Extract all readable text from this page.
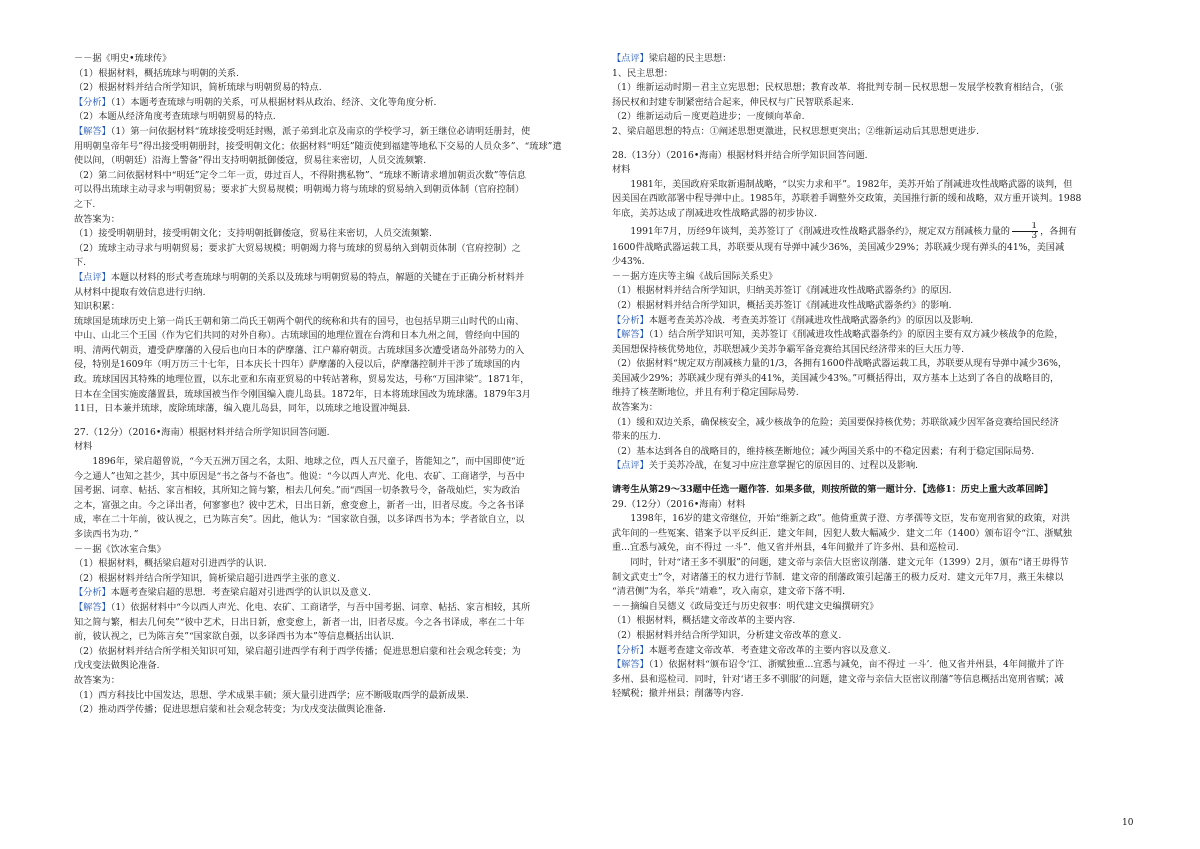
－－据《明史•琉球传》
（1）根据材料，概括琉球与明朝的关系.
（2）根据材料并结合所学知识，简析琉球与明朝贸易的特点.
【分析】（1）本题考查琉球与明朝的关系，可从根据材料从政治、经济、文化等角度分析.
（2）本题从经济角度考查琉球与明朝贸易的特点.
【解答】（1）第一问依据材料“琉球接受明廷封赐，派子弟到北京及南京的学校学习，新王继位必请明廷册封，使
用明朝皇帝年号”得出接受明朝册封，接受明朝文化；依据材料“明廷”随贡使到福建等地私下交易的人员众多”、“琉球”遣
使以间，（明朝廷）沿海上警备”得出支持明朝抵御倭寇，贸易往来密切，人员交流频繁.
（2）第二问依据材料中“明廷”定令二年一贡，毋过百人，不得附携私物”、“琉球不断请求增加朝贡次数”等信息
可以得出琉球主动寻求与明朝贸易；要求扩大贸易规模；明朝竭力将与琉球的贸易纳入到朝贡体制（官府控制）
之下.
故答案为：
（1）接受明朝册封，接受明朝文化；支持明朝抵御倭寇，贸易往来密切，人员交流频繁.
（2）琉球主动寻求与明朝贸易；要求扩大贸易规模；明朝竭力将与琉球的贸易纳入到朝贡体制（官府控制）之
下.
【点评】本题以材料的形式考查琉球与明朝的关系以及琉球与明朝贸易的特点，解题的关键在于正确分析材料并
从材料中提取有效信息进行归纳.
知识积累：
琉球国是琉球历史上第一尚氏王朝和第二尚氏王朝两个朝代的统称和共有的国号，也包括早期三山时代的山南、
中山、山北三个王国（作为它们共同的对外自称）。古琉球国的地理位置在台湾和日本九州之间，曾经向中国的
明、清两代朝贡，遭受萨摩藩的入侵后也向日本的萨摩藩、江户幕府朝贡。古琉球国多次遭受诸岛外部势力的入
侵，特别是1609年（明万历三十七年，日本庆长十四年）萨摩藩的入侵以后，萨摩藩控制并干涉了琉球国的内
政。琉球国因其特殊的地理位置，以东北亚和东南亚贸易的中转站著称，贸易发达，号称“万国津梁”。1871年，
日本在全国实施废藩置县，琉球国被当作令刚国编入鹿儿岛县。1872年，日本将琉球国改为琉球藩。1879年3月
11日，日本兼并琉球，废除琉球藩，编入鹿儿岛县，同年，以琉球之地设置冲绳县.
27.（12分）（2016•海南）根据材料并结合所学知识回答问题.
材料
1896年，梁启超曾说，“今天五洲万国之名，太阳、地球之位，西人五尺童子，皆能知之”，而中国即使“近
今之通人”也知之甚少，其中原因是“书之备与不备也”。他说：“今以西人声光、化电、农矿、工商诸学，与吾中
国考据、词章、帖括、家言相较，其所知之简与繁，相去几何矣。”而“西国一切条教号令，备哉灿烂，实为政治
之本，富强之由。今之译出者，何寥寥也？彼中艺术，日出日新，愈变愈上，新者一出，旧者尽废。今之各书译
成，率在二十年前，彼认视之，已为陈言矣”。因此，他认为：“国家欲自强，以多译西书为本；学者欲自立，以
多读西书为功．”
－－据《饮冰室合集》
（1）根据材料，概括梁启超对引进西学的认识.
（2）根据材料并结合所学知识，简析梁启超引进西学主张的意义.
【分析】本题考查梁启超的思想．考查梁启超对引进西学的认识以及意义.
【解答】（1）依据材料中“今以西人声光、化电、农矿、工商诸学，与吾中国考据、词章、帖括、家言相较，其所
知之简与繁，相去几何矣”“彼中艺术，日出日新，愈变愈上，新者一出，旧者尽废。今之各书译成，率在二十年
前，彼认视之，已为陈言矣”“国家欲自强，以多译西书为本”等信息概括出认识.
（2）依据材料并结合所学相关知识可知，梁启超引进西学有利于西学传播；促进思想启蒙和社会观念转变；为
戊戌变法做舆论准备.
故答案为：
（1）西方科技比中国发达，思想、学术成果丰硕；须大量引进西学；应不断吸取西学的最新成果.
（2）推动西学传播；促进思想启蒙和社会观念转变；为戊戌变法做舆论准备.
【点评】梁启超的民主思想：
1、民主思想：
（1）维新运动时期－君主立宪思想；民权思想；教育改革．将批判专制－民权思想－发展学校教育相结合，（张
扬民权和封建专制紧密结合起来，伸民权与广民智联系起来.
（2）维新运动后－度更趋进步；一度倾向革命.
2、梁启超思想的特点：①阐述思想更激进，民权思想更突出；②维新运动后其思想更进步.
28.（13分）（2016•海南）根据材料并结合所学知识回答问题.
材料
1981年，美国政府采取新遏制战略，“以实力求和平”。1982年，美苏开始了削减进攻性战略武器的谈判，但
因美国在西欧部署中程导弹中止。1985年，苏联着手调整外交政策，美国推行新的缓和战略，双方重开谈判。1988
年底，美苏达成了削减进攻性战略武器的初步协议.
1991年7月，历经9年谈判，美苏签订了《削减进攻性战略武器条约》，规定双方削减核力量的 $\frac{1}{3}$ ，各拥有
1600件战略武器运载工具，苏联要从现有导弹中减少36%，美国减少29%；苏联减少现有弹头的41%，美国减
少43%.
－－据方连庆等主编《战后国际关系史》
（1）根据材料并结合所学知识，归纳美苏签订《削减进攻性战略武器条约》的原因.
（2）根据材料并结合所学知识，概括美苏签订《削减进攻性战略武器条约》的影响.
【分析】本题考查美苏冷战．考查美苏签订《削减进攻性战略武器条约》的原因以及影响.
【解答】（1）结合所学知识可知，美苏签订《削减进攻性战略武器条约》的原因主要有双方减少核战争的危险，
美国想保持核优势地位，苏联想减少美苏争霸军备竞赛给其国民经济带来的巨大压力等.
（2）依据材料“规定双方削减核力量的1/3，各拥有1600件战略武器运载工具，苏联要从现有导弹中减少36%，
美国减少29%；苏联减少现有弹头的41%，美国减少43%。”可概括得出，双方基本上达到了各自的战略目的，
维持了核垄断地位，并且有利于稳定国际局势.
故答案为：
（1）缓和双边关系，确保核安全，减少核战争的危险；美国要保持核优势；苏联欲减少因军备竞赛给国民经济
带来的压力.
（2）基本达到各自的战略目的，维持核垄断地位；减少两国关系中的不稳定因素；有利于稳定国际局势.
【点评】关于美苏冷战，在复习中应注意掌握它的原因目的、过程以及影响.
请考生从第29～33题中任选一题作答．如果多做，则按所做的第一题计分．【选修1：历史上重大改革回眸】
29.（12分）（2016•海南）材料
1398年，16岁的建文帝继位，开始“维新之政”。他倚重黄子澄、方孝孺等文臣，发布宽刑省狱的政策，对洪
武年间的一些冤案、错案予以平反纠正．建文年间，因犯人数大幅减少．建文二年（1400）颁布诏令“江、浙赋独
重...宜悉与减免，亩不得过 一斗”．他又省并州县，4年间撤并了许多州、县和巡检司.
同时，针对“诸王多不驯服”的问题，建文帝与亲信大臣密议削藩．建文元年（1399）2月，颁布“诸王毋得节
制文武吏士”令，对诸藩王的权力进行节制．建文帝的削藩政策引起藩王的极力反对．建文元年7月，燕王朱棣以
“清君侧”为名，举兵“靖难”，攻入南京，建文帝下落不明.
－－摘编自吴德义《政局变迁与历史叙事：明代建文史编撰研究》
（1）根据材料，概括建文帝改革的主要内容.
（2）根据材料并结合所学知识，分析建文帝改革的意义.
【分析】本题考查建文帝改革．考查建文帝改革的主要内容以及意义.
【解答】（1）依据材料“颁布诏令‘江、浙赋独重...宜悉与减免，亩不得过 一斗’．他又省并州县，4年间撤并了许
多州、县和巡检司．同时，针对‘诸王多不驯服’的问题，建文帝与亲信大臣密议削藩”等信息概括出宽刑省赋；减
轻赋税；撤并州县；削藩等内容.
10
